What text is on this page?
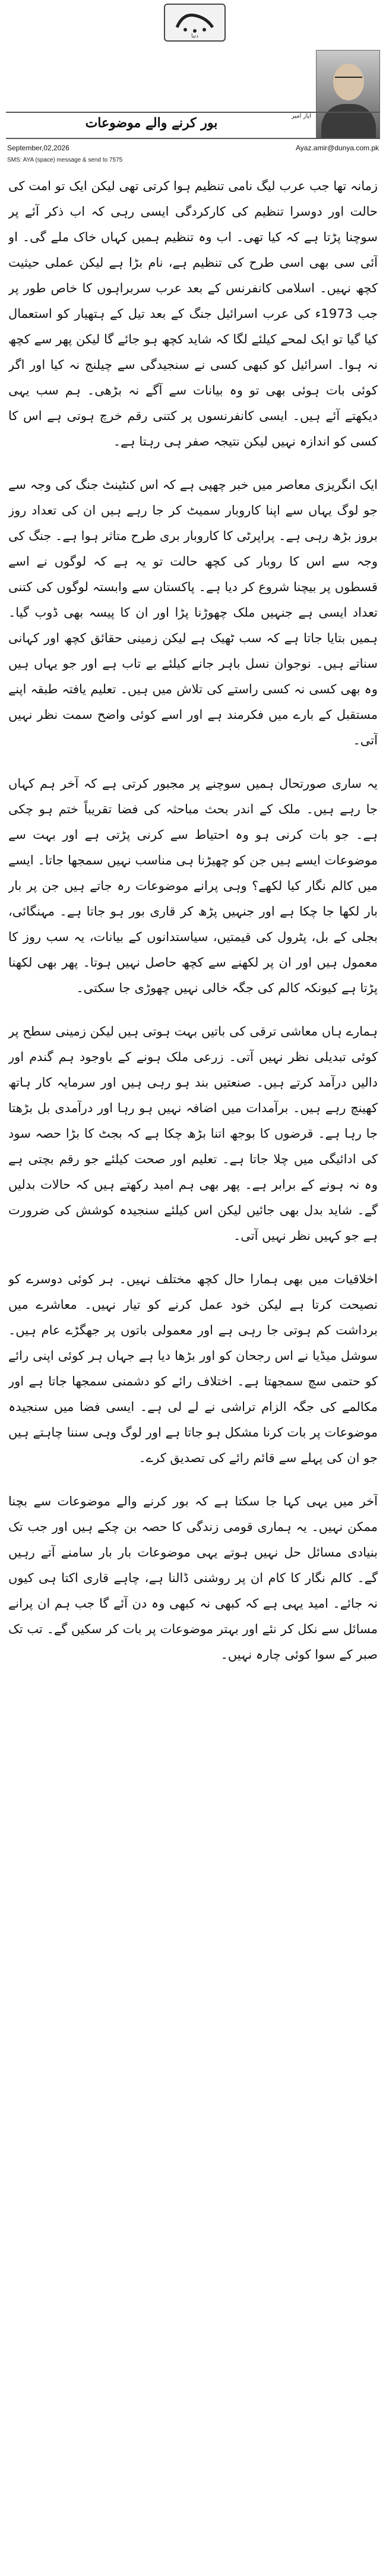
دنیا
ایاز امیر
بور کرنے والے موضوعات
September,02,2026	Ayaz.amir@dunya.com.pk
SMS: AYA (space) message & send to 7575

زمانہ تھا جب عرب لیگ نامی تنظیم ہوا کرتی تھی لیکن ایک تو امت کی حالت اور دوسرا تنظیم کی کارکردگی ایسی رہی کہ اب ذکر آئے پر سوچنا پڑتا ہے کہ کیا تھی۔ اب وہ تنظیم ہمیں کہاں خاک ملے گی۔ او آئی سی بھی اسی طرح کی تنظیم ہے، نام بڑا ہے لیکن عملی حیثیت کچھ نہیں۔ اسلامی کانفرنس کے بعد عرب سربراہوں کا خاص طور پر جب 1973ء کی عرب اسرائیل جنگ کے بعد تیل کے ہتھیار کو استعمال کیا گیا تو ایک لمحے کیلئے لگا کہ شاید کچھ ہو جائے گا لیکن پھر سے کچھ نہ ہوا۔ اسرائیل کو کبھی کسی نے سنجیدگی سے چیلنج نہ کیا اور اگر کوئی بات ہوئی بھی تو وہ بیانات سے آگے نہ بڑھی۔ ہم سب یہی دیکھتے آئے ہیں۔ ایسی کانفرنسوں پر کتنی رقم خرچ ہوتی ہے اس کا کسی کو اندازہ نہیں لیکن نتیجہ صفر ہی رہتا ہے۔

ایک انگریزی معاصر میں خبر چھپی ہے کہ اس کنٹینٹ جنگ کی وجہ سے جو لوگ یہاں سے اپنا کاروبار سمیٹ کر جا رہے ہیں ان کی تعداد روز بروز بڑھ رہی ہے۔ پراپرٹی کا کاروبار بری طرح متاثر ہوا ہے۔ جنگ کی وجہ سے اس کا روبار کی کچھ حالت تو یہ ہے کہ لوگوں نے اسے قسطوں پر بیچنا شروع کر دیا ہے۔ پاکستان سے وابستہ لوگوں کی کتنی تعداد ایسی ہے جنہیں ملک چھوڑنا پڑا اور ان کا پیسہ بھی ڈوب گیا۔ ہمیں بتایا جاتا ہے کہ سب ٹھیک ہے لیکن زمینی حقائق کچھ اور کہانی سناتے ہیں۔ نوجوان نسل باہر جانے کیلئے بے تاب ہے اور جو یہاں ہیں وہ بھی کسی نہ کسی راستے کی تلاش میں ہیں۔ تعلیم یافتہ طبقہ اپنے مستقبل کے بارے میں فکرمند ہے اور اسے کوئی واضح سمت نظر نہیں آتی۔

یہ ساری صورتحال ہمیں سوچنے پر مجبور کرتی ہے کہ آخر ہم کہاں جا رہے ہیں۔ ملک کے اندر بحث مباحثہ کی فضا تقریباً ختم ہو چکی ہے۔ جو بات کرنی ہو وہ احتیاط سے کرنی پڑتی ہے اور بہت سے موضوعات ایسے ہیں جن کو چھیڑنا ہی مناسب نہیں سمجھا جاتا۔ ایسے میں کالم نگار کیا لکھے؟ وہی پرانے موضوعات رہ جاتے ہیں جن پر بار بار لکھا جا چکا ہے اور جنہیں پڑھ کر قاری بور ہو جاتا ہے۔ مہنگائی، بجلی کے بل، پٹرول کی قیمتیں، سیاستدانوں کے بیانات، یہ سب روز کا معمول ہیں اور ان پر لکھنے سے کچھ حاصل نہیں ہوتا۔ پھر بھی لکھنا پڑتا ہے کیونکہ کالم کی جگہ خالی نہیں چھوڑی جا سکتی۔

ہمارے ہاں معاشی ترقی کی باتیں بہت ہوتی ہیں لیکن زمینی سطح پر کوئی تبدیلی نظر نہیں آتی۔ زرعی ملک ہونے کے باوجود ہم گندم اور دالیں درآمد کرتے ہیں۔ صنعتیں بند ہو رہی ہیں اور سرمایہ کار ہاتھ کھینچ رہے ہیں۔ برآمدات میں اضافہ نہیں ہو رہا اور درآمدی بل بڑھتا جا رہا ہے۔ قرضوں کا بوجھ اتنا بڑھ چکا ہے کہ بجٹ کا بڑا حصہ سود کی ادائیگی میں چلا جاتا ہے۔ تعلیم اور صحت کیلئے جو رقم بچتی ہے وہ نہ ہونے کے برابر ہے۔ پھر بھی ہم امید رکھتے ہیں کہ حالات بدلیں گے۔ شاید بدل بھی جائیں لیکن اس کیلئے سنجیدہ کوشش کی ضرورت ہے جو کہیں نظر نہیں آتی۔

اخلاقیات میں بھی ہمارا حال کچھ مختلف نہیں۔ ہر کوئی دوسرے کو نصیحت کرتا ہے لیکن خود عمل کرنے کو تیار نہیں۔ معاشرے میں برداشت کم ہوتی جا رہی ہے اور معمولی باتوں پر جھگڑے عام ہیں۔ سوشل میڈیا نے اس رجحان کو اور بڑھا دیا ہے جہاں ہر کوئی اپنی رائے کو حتمی سچ سمجھتا ہے۔ اختلاف رائے کو دشمنی سمجھا جاتا ہے اور مکالمے کی جگہ الزام تراشی نے لے لی ہے۔ ایسی فضا میں سنجیدہ موضوعات پر بات کرنا مشکل ہو جاتا ہے اور لوگ وہی سننا چاہتے ہیں جو ان کی پہلے سے قائم رائے کی تصدیق کرے۔

آخر میں یہی کہا جا سکتا ہے کہ بور کرنے والے موضوعات سے بچنا ممکن نہیں۔ یہ ہماری قومی زندگی کا حصہ بن چکے ہیں اور جب تک بنیادی مسائل حل نہیں ہوتے یہی موضوعات بار بار سامنے آتے رہیں گے۔ کالم نگار کا کام ان پر روشنی ڈالنا ہے، چاہے قاری اکتا ہی کیوں نہ جائے۔ امید یہی ہے کہ کبھی نہ کبھی وہ دن آئے گا جب ہم ان پرانے مسائل سے نکل کر نئے اور بہتر موضوعات پر بات کر سکیں گے۔ تب تک صبر کے سوا کوئی چارہ نہیں۔
